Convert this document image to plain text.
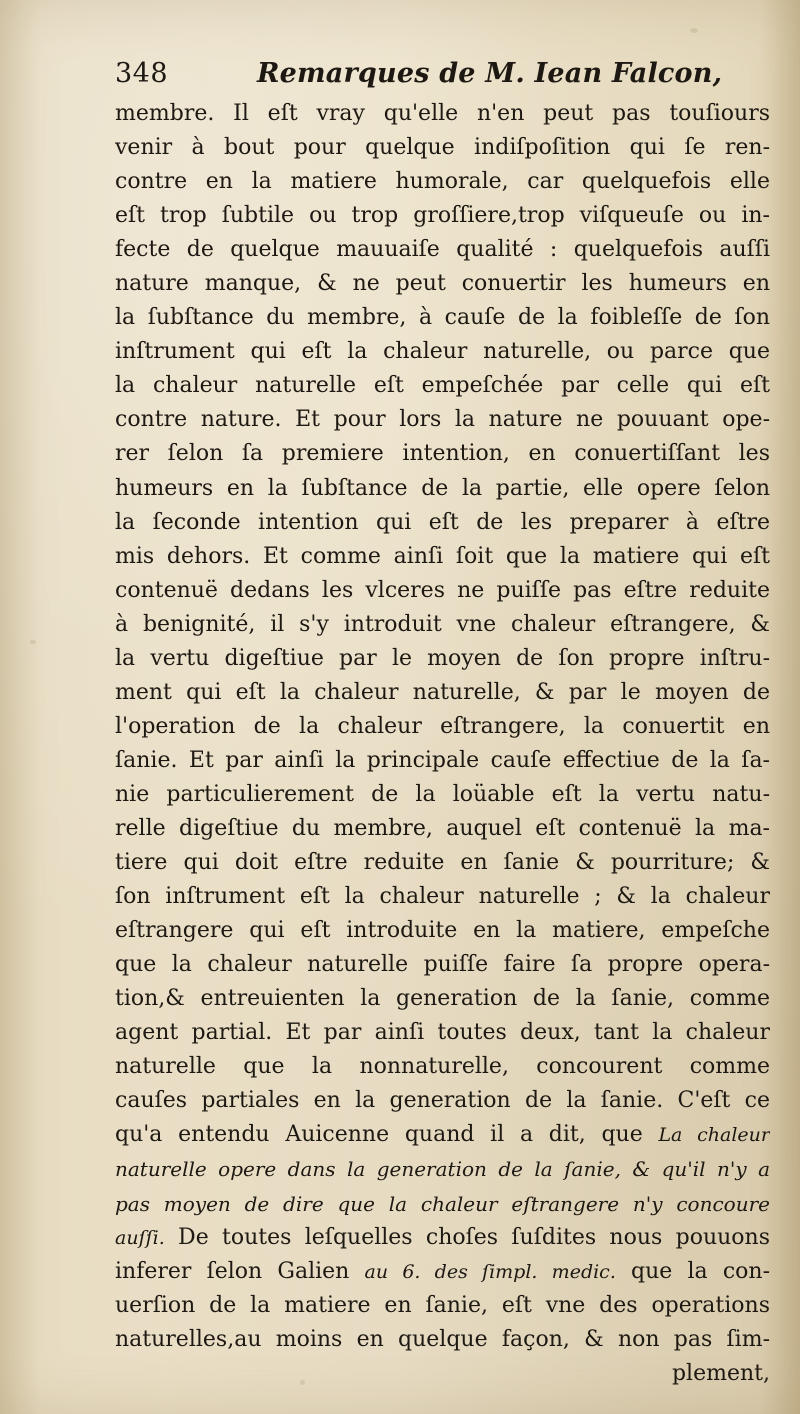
348	Remarques de M. Iean Falcon,
membre. Il eſt vray qu'elle n'en peut pas touſiours
venir à bout pour quelque indiſpoſition qui ſe ren-
contre en la matiere humorale, car quelquefois elle
eſt trop ſubtile ou trop groſſiere,trop viſqueuſe ou in-
fecte de quelque mauuaiſe qualité : quelquefois auſſi
nature manque, & ne peut conuertir les humeurs en
la ſubſtance du membre, à cauſe de la foibleſſe de ſon
inſtrument qui eſt la chaleur naturelle, ou parce que
la chaleur naturelle eſt empeſchée par celle qui eſt
contre nature. Et pour lors la nature ne pouuant ope-
rer ſelon ſa premiere intention, en conuertiſſant les
humeurs en la ſubſtance de la partie, elle opere ſelon
la ſeconde intention qui eſt de les preparer à eſtre
mis dehors. Et comme ainſi ſoit que la matiere qui eſt
contenuë dedans les vlceres ne puiſſe pas eſtre reduite
à benignité, il s'y introduit vne chaleur eſtrangere, &
la vertu digeſtiue par le moyen de ſon propre inſtru-
ment qui eſt la chaleur naturelle, & par le moyen de
l'operation de la chaleur eſtrangere, la conuertit en
ſanie. Et par ainſi la principale cauſe effectiue de la ſa-
nie particulierement de la loüable eſt la vertu natu-
relle digeſtiue du membre, auquel eſt contenuë la ma-
tiere qui doit eſtre reduite en ſanie & pourriture; &
ſon inſtrument eſt la chaleur naturelle ; & la chaleur
eſtrangere qui eſt introduite en la matiere, empeſche
que la chaleur naturelle puiſſe faire ſa propre opera-
tion,& entreuienten la generation de la ſanie, comme
agent partial. Et par ainſi toutes deux, tant la chaleur
naturelle que la nonnaturelle, concourent comme
cauſes partiales en la generation de la ſanie. C'eſt ce
qu'a entendu Auicenne quand il a dit, que La chaleur
naturelle opere dans la generation de la ſanie, & qu'il n'y a
pas moyen de dire que la chaleur eſtrangere n'y concoure
auſſi. De toutes leſquelles choſes ſuſdites nous pouuons
inferer ſelon Galien au 6. des ſimpl. medic. que la con-
uerſion de la matiere en ſanie, eſt vne des operations
naturelles,au moins en quelque façon, & non pas ſim-
plement,
